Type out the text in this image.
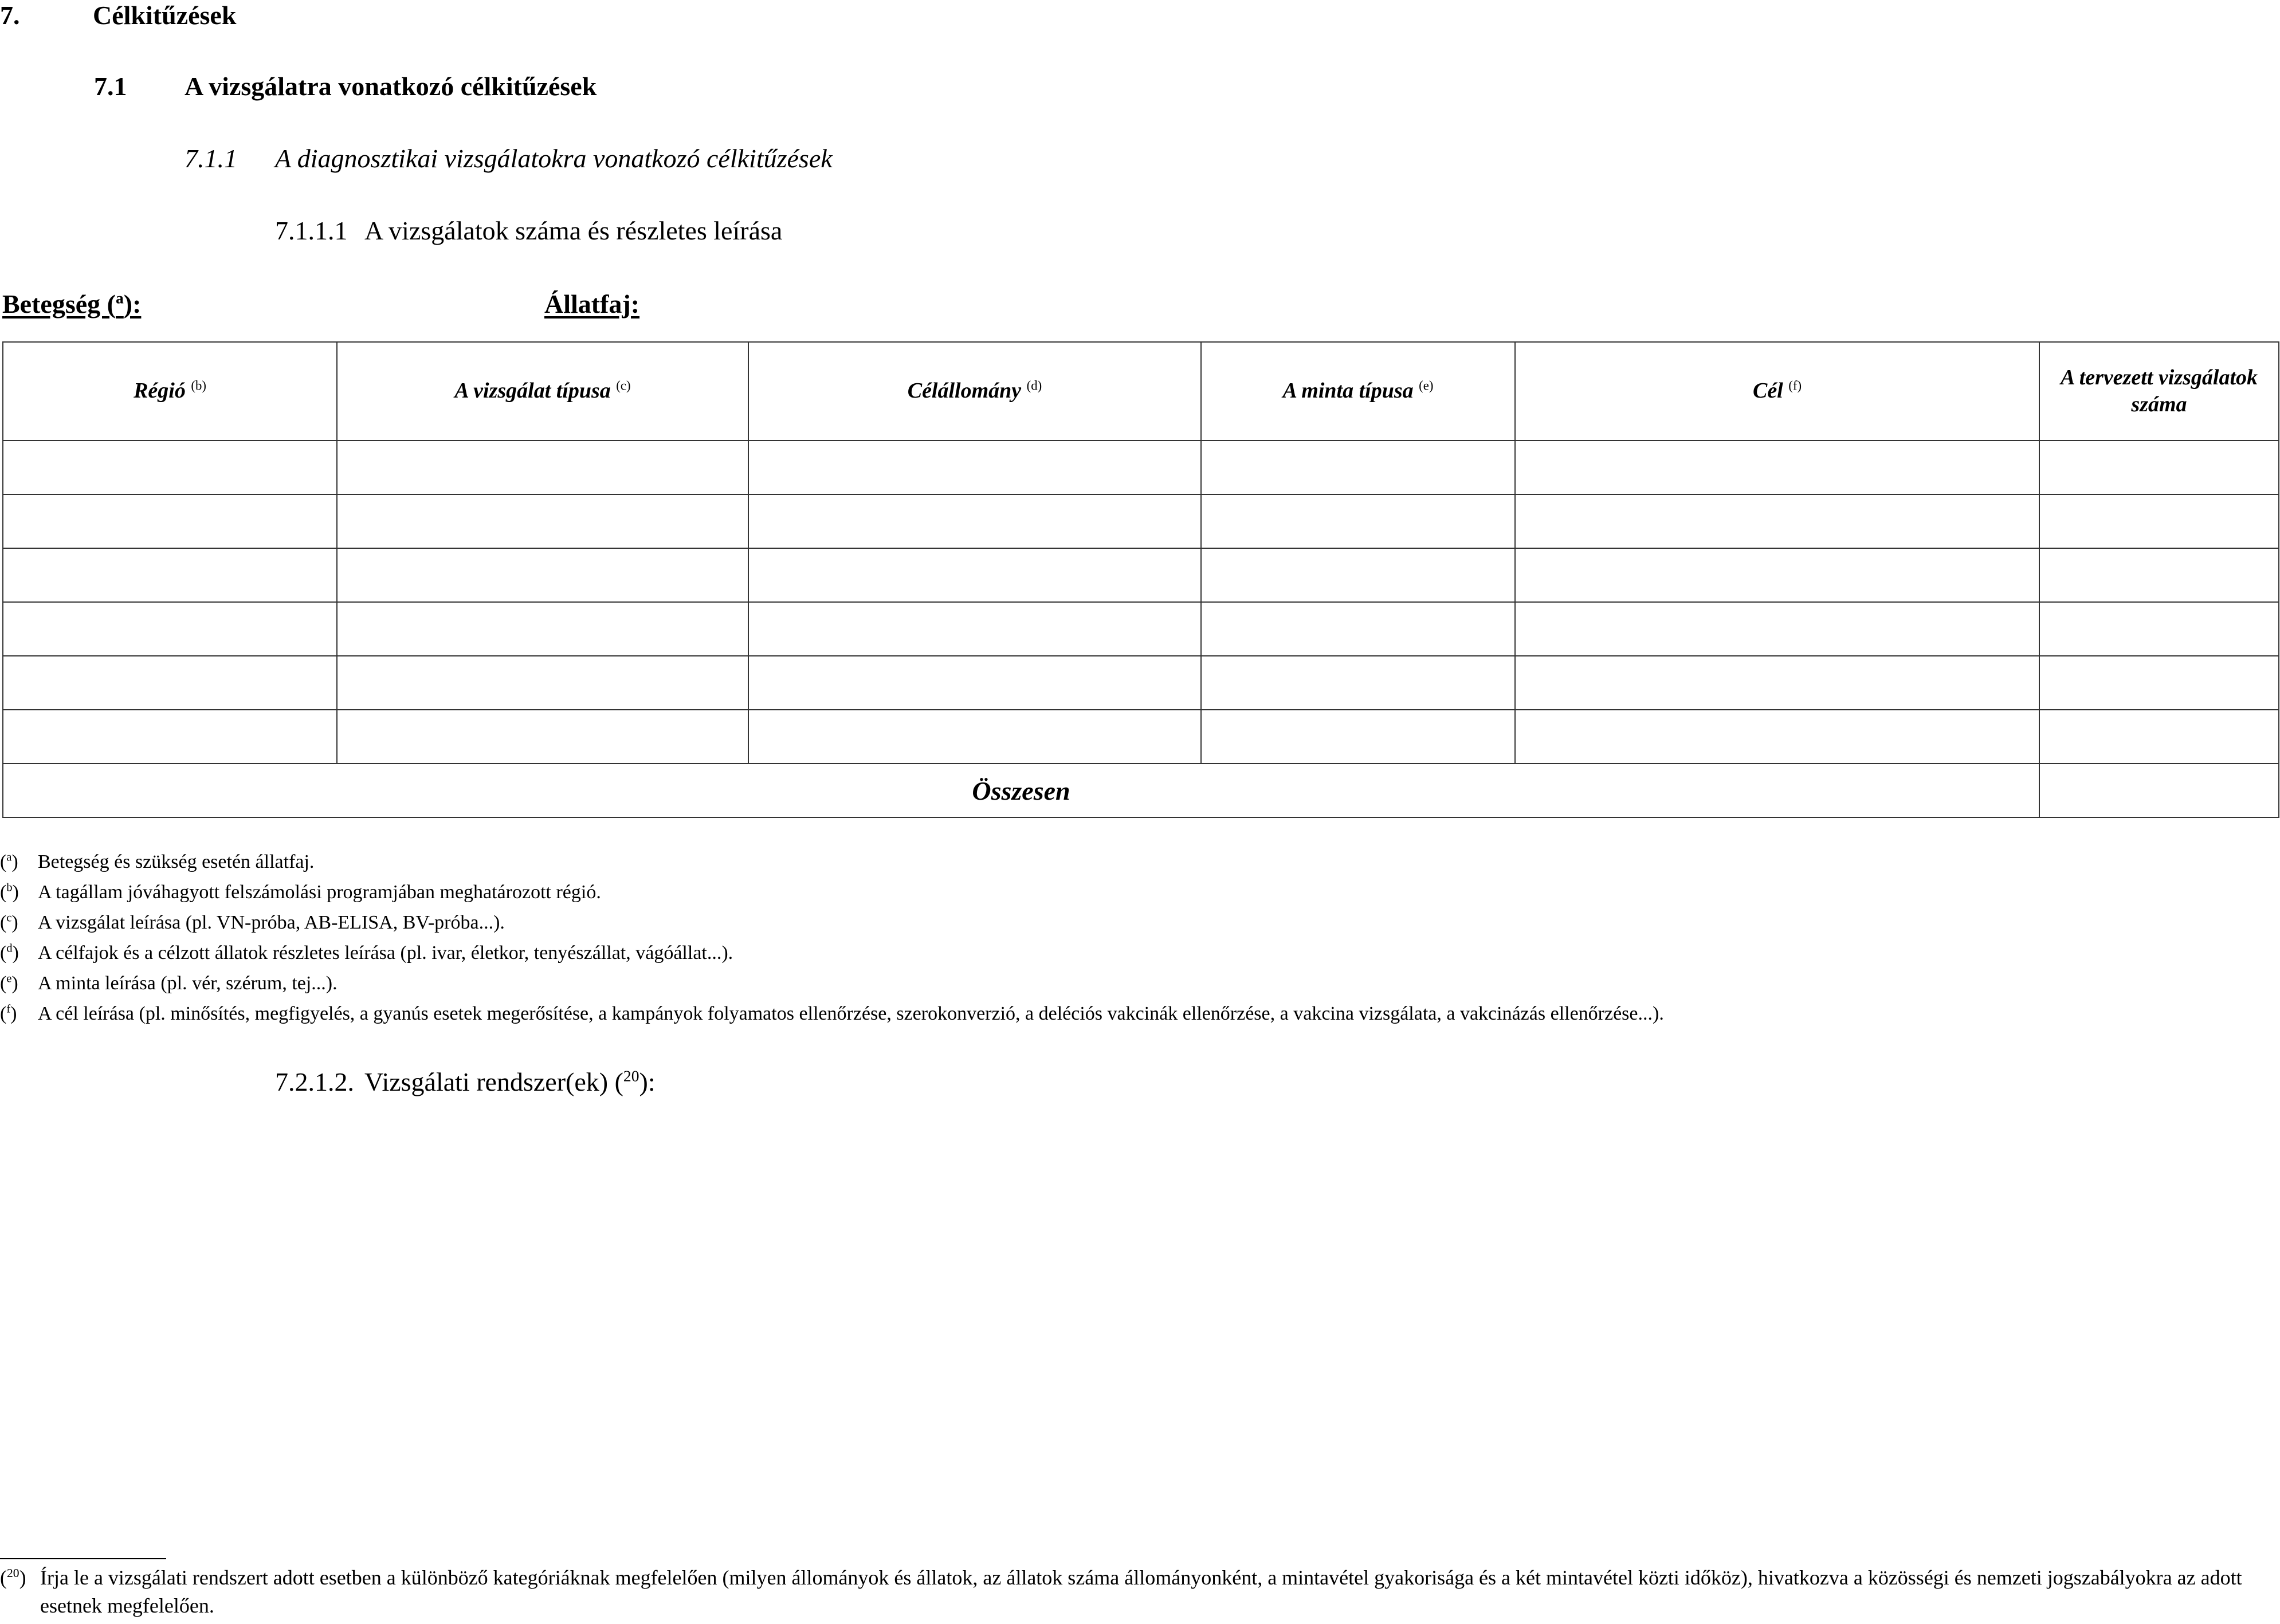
7.	Célkitűzések
7.1 A vizsgálatra vonatkozó célkitűzések
7.1.1 A diagnosztikai vizsgálatokra vonatkozó célkitűzések
7.1.1.1 A vizsgálatok száma és részletes leírása
Betegség ($^a$):	Állatfaj:
Régió $^{(b)}$	A vizsgálat típusa $^{(c)}$	Célállomány $^{(d)}$	A minta típusa $^{(e)}$	Cél $^{(f)}$	A tervezett vizsgálatok száma

Összesen					
($^a$) Betegség és szükség esetén állatfaj.
($^b$) A tagállam jóváhagyott felszámolási programjában meghatározott régió.
($^c$) A vizsgálat leírása (pl. VN-próba, AB-ELISA, BV-próba...).
($^d$) A célfajok és a célzott állatok részletes leírása (pl. ivar, életkor, tenyészállat, vágóállat...).
($^e$) A minta leírása (pl. vér, szérum, tej...).
($^f$) A cél leírása (pl. minősítés, megfigyelés, a gyanús esetek megerősítése, a kampányok folyamatos ellenőrzése, szerokonverzió, a deléciós vakcinák ellenőrzése, a vakcina vizsgálata, a vakcinázás ellenőrzése...).
7.2.1.2. Vizsgálati rendszer(ek) ($^{20}$):
($^{20}$) Írja le a vizsgálati rendszert adott esetben a különböző kategóriáknak megfelelően (milyen állományok és állatok, az állatok száma állományonként, a mintavétel gyakorisága és a két mintavétel közti időköz), hivatkozva a közösségi és nemzeti jogszabályokra az adott esetnek megfelelően.
